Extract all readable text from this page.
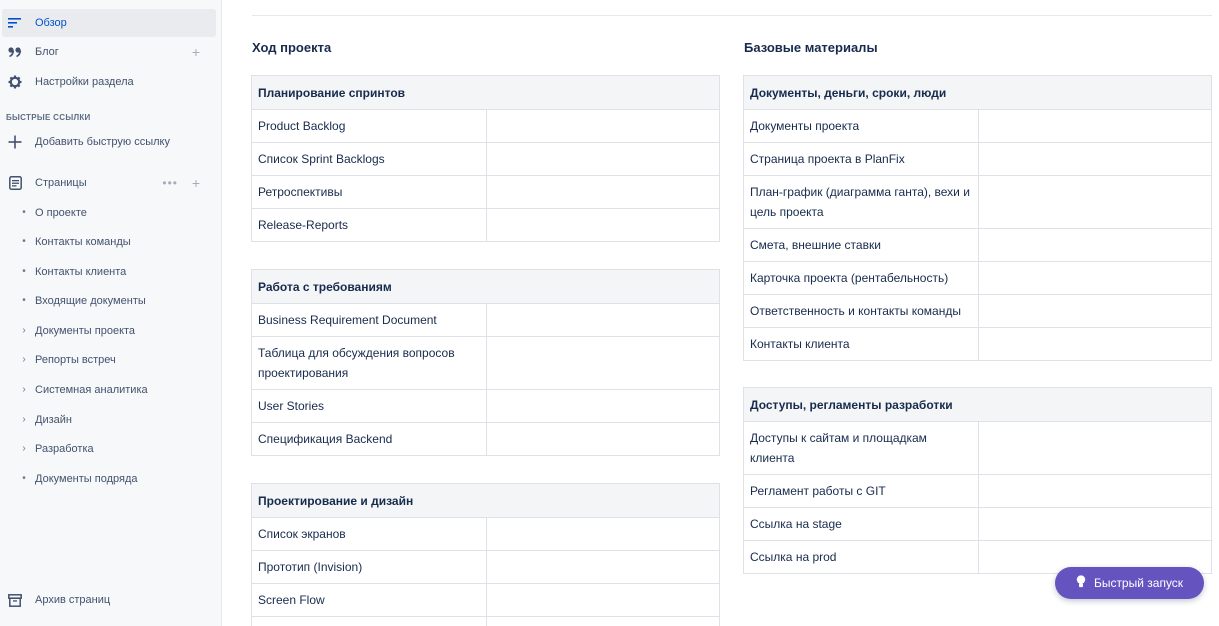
Обзор
Блог	+
Настройки раздела
БЫСТРЫЕ ССЫЛКИ
Добавить быструю ссылку
Страницы	••• +
• О проекте
• Контакты команды
• Контакты клиента
• Входящие документы
› Документы проекта
› Репорты встреч
› Системная аналитика
› Дизайн
› Разработка
• Документы подряда
Архив страниц
Ход проекта	Базовые материалы
Планирование спринтов	
Product Backlog	
Список Sprint Backlogs	
Ретроспективы	
Release-Reports	
Работа с требованиям	
Business Requirement Document	
Таблица для обсуждения вопросов проектирования	
User Stories	
Спецификация Backend	
Проектирование и дизайн	
Список экранов	
Прототип (Invision)	
Screen Flow	

Документы, деньги, сроки, люди	
Документы проекта	
Страница проекта в PlanFix	
План-график (диаграмма ганта), вехи и цель проекта	
Смета, внешние ставки	
Карточка проекта (рентабельность)	
Ответственность и контакты команды	
Контакты клиента	
Доступы, регламенты разработки	
Доступы к сайтам и площадкам клиента	
Регламент работы с GIT	
Ссылка на stage	
Ссылка на prod	
Быстрый запуск
